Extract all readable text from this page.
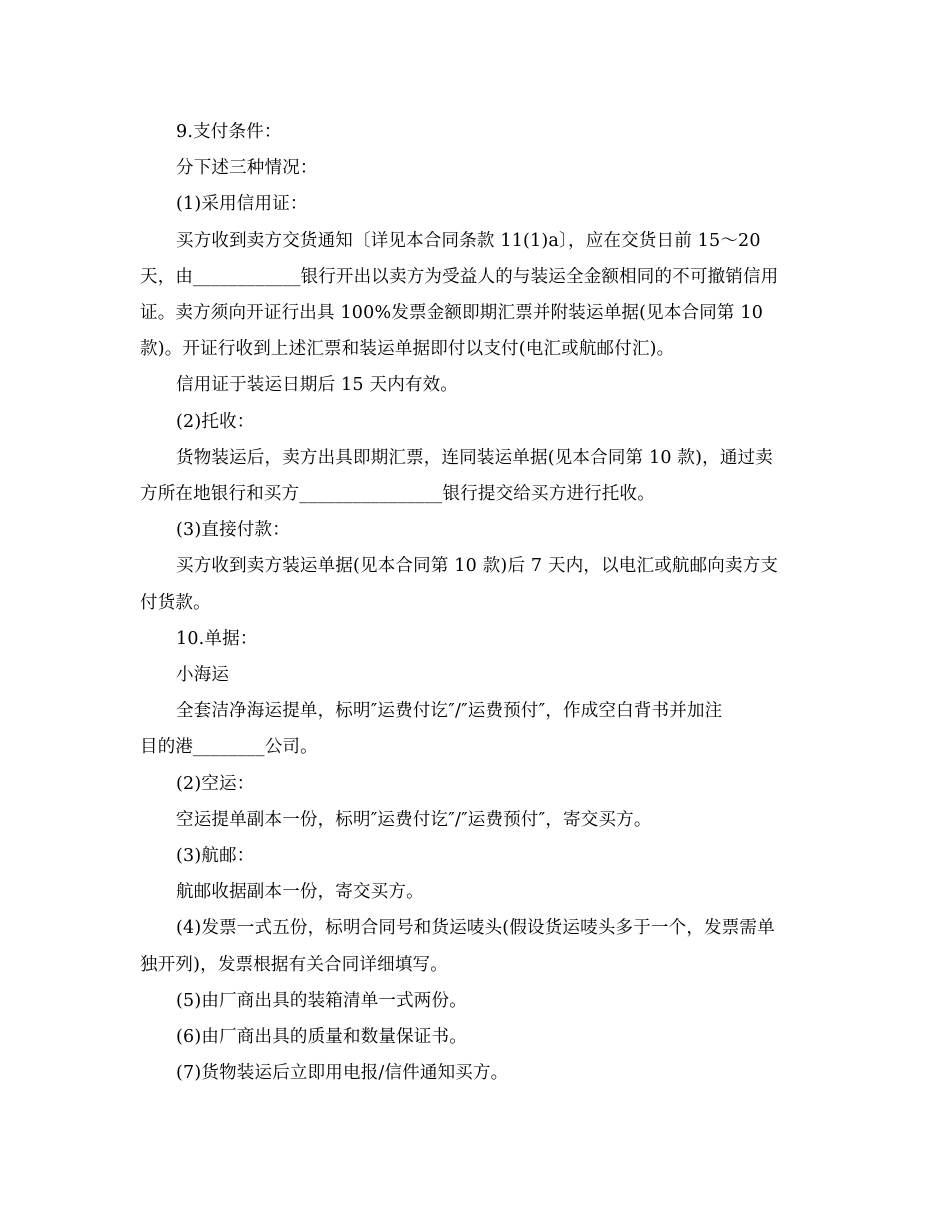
9.支付条件：

分下述三种情况：

(1)采用信用证：

买方收到卖方交货通知〔详见本合同条款 11(1)a〕，应在交货日前 15～20
天，由____________银行开出以卖方为受益人的与装运全金额相同的不可撤销信用
证。卖方须向开证行出具 100%发票金额即期汇票并附装运单据(见本合同第 10
款)。开证行收到上述汇票和装运单据即付以支付(电汇或航邮付汇)。

信用证于装运日期后 15 天内有效。

(2)托收：

货物装运后，卖方出具即期汇票，连同装运单据(见本合同第 10 款)，通过卖
方所在地银行和买方________________银行提交给买方进行托收。

(3)直接付款：

买方收到卖方装运单据(见本合同第 10 款)后 7 天内，以电汇或航邮向卖方支
付货款。

10.单据：

小海运

全套洁净海运提单，标明″运费付讫″/″运费预付″，作成空白背书并加注
目的港________公司。

(2)空运：

空运提单副本一份，标明″运费付讫″/″运费预付″，寄交买方。

(3)航邮：

航邮收据副本一份，寄交买方。

(4)发票一式五份，标明合同号和货运唛头(假设货运唛头多于一个，发票需单
独开列)，发票根据有关合同详细填写。

(5)由厂商出具的装箱清单一式两份。

(6)由厂商出具的质量和数量保证书。

(7)货物装运后立即用电报/信件通知买方。
